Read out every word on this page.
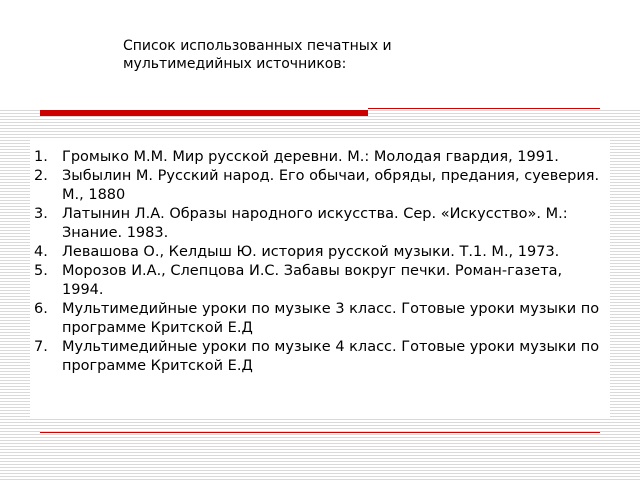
Список использованных печатных и мультимедийных источников:

1. Громыко М.М. Мир русской деревни. М.: Молодая гвардия, 1991.
2. Зыбылин М. Русский народ. Его обычаи, обряды, предания, суеверия. М., 1880
3. Латынин Л.А. Образы народного искусства. Сер. «Искусство». М.: Знание. 1983.
4. Левашова О., Келдыш Ю. история русской музыки. Т.1. М., 1973.
5. Морозов И.А., Слепцова И.С. Забавы вокруг печки. Роман-газета, 1994.
6. Мультимедийные уроки по музыке 3 класс. Готовые уроки музыки по программе Критской Е.Д
7. Мультимедийные уроки по музыке 4 класс. Готовые уроки музыки по программе Критской Е.Д
